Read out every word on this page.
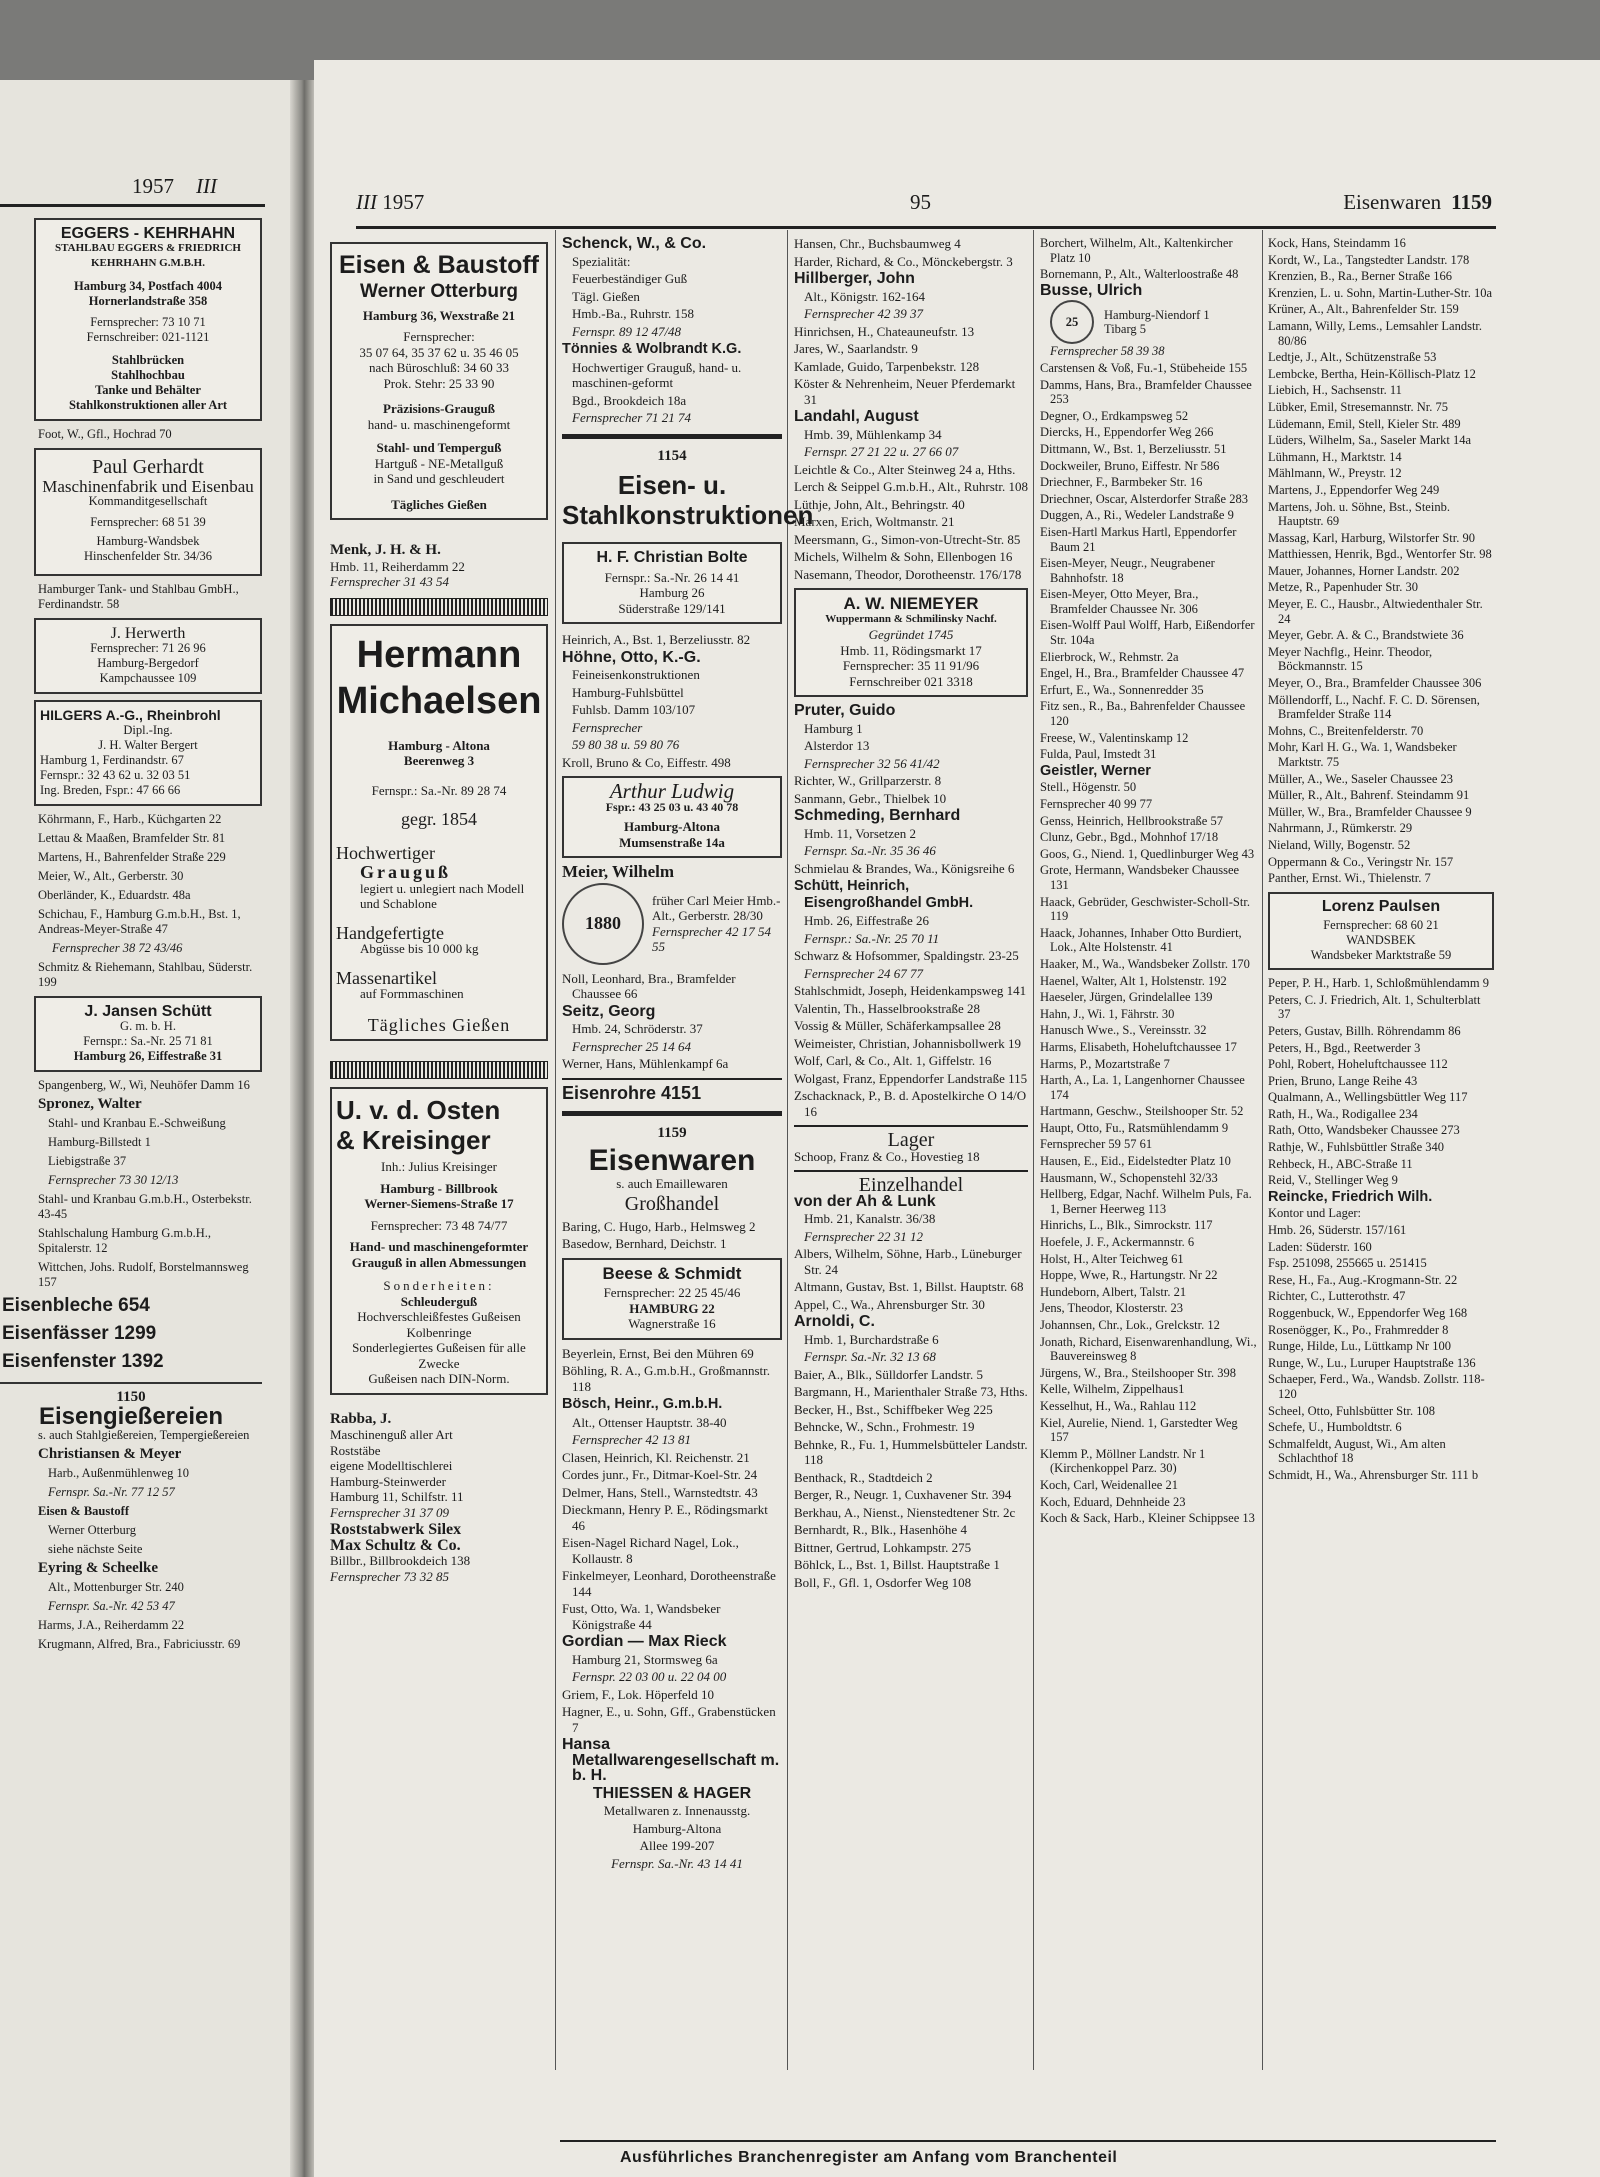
1957 III
EGGERS - KEHRHAHN
STAHLBAU EGGERS & FRIEDRICH KEHRHAHN G.M.B.H.
Hamburg 34, Postfach 4004
Hornerlandstraße 358
Fernsprecher: 73 10 71
Fernschreiber: 021-1121
Stahlbrücken
Stahlhochbau
Tanke und Behälter
Stahlkonstruktionen aller Art
Foot, W., Gfl., Hochrad 70
Paul Gerhardt
Maschinenfabrik und Eisenbau
Kommanditgesellschaft
Fernsprecher: 68 51 39
Hamburg-Wandsbek
Hinschenfelder Str. 34/36
Hamburger Tank- und Stahlbau GmbH., Ferdinandstr. 58
J. Herwerth
Fernsprecher: 71 26 96
Hamburg-Bergedorf
Kampchaussee 109
HILGERS A.-G., Rheinbrohl
Dipl.-Ing.
J. H. Walter Bergert
Hamburg 1, Ferdinandstr. 67
Fernspr.: 32 43 62 u. 32 03 51
Ing. Breden, Fspr.: 47 66 66
Köhrmann, F., Harb., Küchgarten 22
Lettau & Maaßen, Bramfelder Str. 81
Martens, H., Bahrenfelder Straße 229
Meier, W., Alt., Gerberstr. 30
Oberländer, K., Eduardstr. 48a
Schichau, F., Hamburg G.m.b.H., Bst. 1, Andreas-Meyer-Straße 47
Fernsprecher 38 72 43/46
Schmitz & Riehemann, Stahlbau, Süderstr. 199
J. Jansen Schütt
G. m. b. H.
Fernspr.: Sa.-Nr. 25 71 81
Hamburg 26, Eiffestraße 31
Spangenberg, W., Wi, Neuhöfer Damm 16
Spronez, Walter
Stahl- und Kranbau E.-Schweißung
Hamburg-Billstedt 1
Liebigstraße 37
Fernsprecher 73 30 12/13
Stahl- und Kranbau G.m.b.H., Osterbekstr. 43-45
Stahlschalung Hamburg G.m.b.H., Spitalerstr. 12
Wittchen, Johs. Rudolf, Borstelmannsweg 157
Eisenbleche 654
Eisenfässer 1299
Eisenfenster 1392
1150
Eisengießereien
s. auch Stahlgießereien, Tempergießereien
Christiansen & Meyer
Harb., Außenmühlenweg 10
Fernspr. Sa.-Nr. 77 12 57
Eisen & Baustoff
Werner Otterburg
siehe nächste Seite
Eyring & Scheelke
Alt., Mottenburger Str. 240
Fernspr. Sa.-Nr. 42 53 47
Harms, J.A., Reiherdamm 22
Krugmann, Alfred, Bra., Fabriciusstr. 69
III 1957	95	Eisenwaren 1159
Eisen & Baustoff
Werner Otterburg
Hamburg 36, Wexstraße 21
Fernsprecher:
35 07 64, 35 37 62 u. 35 46 05
nach Büroschluß: 34 60 33
Prok. Stehr: 25 33 90
Präzisions-Grauguß
hand- u. maschinengeformt
Stahl- und Temperguß
Hartguß - NE-Metallguß
in Sand und geschleudert
Tägliches Gießen
Menk, J. H. & H.
Hmb. 11, Reiherdamm 22
Fernsprecher 31 43 54
Hermann
Michaelsen
Hamburg - Altona
Beerenweg 3
Fernspr.: Sa.-Nr. 89 28 74
gegr. 1854
Hochwertiger
Grauguß
legiert u. unlegiert nach Modell und Schablone
Handgefertigte
Abgüsse bis 10 000 kg
Massenartikel
auf Formmaschinen
Tägliches Gießen
U. v. d. Osten
& Kreisinger
Inh.: Julius Kreisinger
Hamburg - Billbrook
Werner-Siemens-Straße 17
Fernsprecher: 73 48 74/77
Hand- und maschinengeformter Grauguß in allen Abmessungen
Sonderheiten:
Schleuderguß
Hochverschleißfestes Gußeisen
Kolbenringe
Sonderlegiertes Gußeisen für alle Zwecke
Gußeisen nach DIN-Norm.
Rabba, J.
Maschinenguß aller Art
Roststäbe
eigene Modelltischlerei
Hamburg-Steinwerder
Hamburg 11, Schilfstr. 11
Fernsprecher 31 37 09
Roststabwerk Silex
Max Schultz & Co.
Billbr., Billbrookdeich 138
Fernsprecher 73 32 85
Schenck, W., & Co.
Spezialität:
Feuerbeständiger Guß
Tägl. Gießen
Hmb.-Ba., Ruhrstr. 158
Fernspr. 89 12 47/48
Tönnies & Wolbrandt K.G.
Hochwertiger Grauguß, hand- u. maschinen-geformt
Bgd., Brookdeich 18a
Fernsprecher 71 21 74
1154
Eisen- u. Stahlkonstruktionen
H. F. Christian Bolte
Fernspr.: Sa.-Nr. 26 14 41
Hamburg 26
Süderstraße 129/141
Heinrich, A., Bst. 1, Berzeliusstr. 82
Höhne, Otto, K.-G.
Feineisenkonstruktionen
Hamburg-Fuhlsbüttel
Fuhlsb. Damm 103/107
Fernsprecher
59 80 38 u. 59 80 76
Kroll, Bruno & Co, Eiffestr. 498
Arthur Ludwig
Fspr.: 43 25 03 u. 43 40 78
Hamburg-Altona
Mumsenstraße 14a
Meier, Wilhelm
1880
früher Carl Meier Hmb.-Alt., Gerberstr. 28/30
Fernsprecher 42 17 54 55
Noll, Leonhard, Bra., Bramfelder Chaussee 66
Seitz, Georg
Hmb. 24, Schröderstr. 37
Fernsprecher 25 14 64
Werner, Hans, Mühlenkampf 6a
Eisenrohre 4151
1159
Eisenwaren
s. auch Emaillewaren
Großhandel
Baring, C. Hugo, Harb., Helmsweg 2
Basedow, Bernhard, Deichstr. 1
Beese & Schmidt
Fernsprecher: 22 25 45/46
HAMBURG 22
Wagnerstraße 16
Beyerlein, Ernst, Bei den Mühren 69
Böhling, R. A., G.m.b.H., Großmannstr. 118
Bösch, Heinr., G.m.b.H.
Alt., Ottenser Hauptstr. 38-40
Fernsprecher 42 13 81
Clasen, Heinrich, Kl. Reichenstr. 21
Cordes junr., Fr., Ditmar-Koel-Str. 24
Delmer, Hans, Stell., Warnstedtstr. 43
Dieckmann, Henry P. E., Rödingsmarkt 46
Eisen-Nagel Richard Nagel, Lok., Kollaustr. 8
Finkelmeyer, Leonhard, Dorotheenstraße 144
Fust, Otto, Wa. 1, Wandsbeker Königstraße 44
Gordian — Max Rieck
Hamburg 21, Stormsweg 6a
Fernspr. 22 03 00 u. 22 04 00
Griem, F., Lok. Höperfeld 10
Hagner, E., u. Sohn, Gff., Grabenstücken 7
Hansa Metallwarengesellschaft m. b. H.
THIESSEN & HAGER
Metallwaren z. Innenausstg.
Hamburg-Altona
Allee 199-207
Fernspr. Sa.-Nr. 43 14 41
Hansen, Chr., Buchsbaumweg 4
Harder, Richard, & Co., Mönckebergstr. 3
Hillberger, John
Alt., Königstr. 162-164
Fernsprecher 42 39 37
Hinrichsen, H., Chateauneufstr. 13
Jares, W., Saarlandstr. 9
Kamlade, Guido, Tarpenbekstr. 128
Köster & Nehrenheim, Neuer Pferdemarkt 31
Landahl, August
Hmb. 39, Mühlenkamp 34
Fernspr. 27 21 22 u. 27 66 07
Leichtle & Co., Alter Steinweg 24 a, Hths.
Lerch & Seippel G.m.b.H., Alt., Ruhrstr. 108
Lüthje, John, Alt., Behringstr. 40
Marxen, Erich, Woltmanstr. 21
Meersmann, G., Simon-von-Utrecht-Str. 85
Michels, Wilhelm & Sohn, Ellenbogen 16
Nasemann, Theodor, Dorotheenstr. 176/178
A. W. NIEMEYER
Wuppermann & Schmilinsky Nachf.
Gegründet 1745
Hmb. 11, Rödingsmarkt 17
Fernsprecher: 35 11 91/96
Fernschreiber 021 3318
Pruter, Guido
Hamburg 1
Alsterdor 13
Fernsprecher 32 56 41/42
Richter, W., Grillparzerstr. 8
Sanmann, Gebr., Thielbek 10
Schmeding, Bernhard
Hmb. 11, Vorsetzen 2
Fernspr. Sa.-Nr. 35 36 46
Schmielau & Brandes, Wa., Königsreihe 6
Schütt, Heinrich, Eisengroßhandel GmbH.
Hmb. 26, Eiffestraße 26
Fernspr.: Sa.-Nr. 25 70 11
Schwarz & Hofsommer, Spaldingstr. 23-25
Fernsprecher 24 67 77
Stahlschmidt, Joseph, Heidenkampsweg 141
Valentin, Th., Hasselbrookstraße 28
Vossig & Müller, Schäferkampsallee 28
Weimeister, Christian, Johannisbollwerk 19
Wolf, Carl, & Co., Alt. 1, Giffelstr. 16
Wolgast, Franz, Eppendorfer Landstraße 115
Zschacknack, P., B. d. Apostelkirche O 14/O 16
Lager
Schoop, Franz & Co., Hovestieg 18
Einzelhandel
von der Ah & Lunk
Hmb. 21, Kanalstr. 36/38
Fernsprecher 22 31 12
Albers, Wilhelm, Söhne, Harb., Lüneburger Str. 24
Altmann, Gustav, Bst. 1, Billst. Hauptstr. 68
Appel, C., Wa., Ahrensburger Str. 30
Arnoldi, C.
Hmb. 1, Burchardstraße 6
Fernspr. Sa.-Nr. 32 13 68
Baier, A., Blk., Sülldorfer Landstr. 5
Bargmann, H., Marienthaler Straße 73, Hths.
Becker, H., Bst., Schiffbeker Weg 225
Behncke, W., Schn., Frohmestr. 19
Behnke, R., Fu. 1, Hummelsbütteler Landstr. 118
Benthack, R., Stadtdeich 2
Berger, R., Neugr. 1, Cuxhavener Str. 394
Berkhau, A., Nienst., Nienstedtener Str. 2c
Bernhardt, R., Blk., Hasenhöhe 4
Bittner, Gertrud, Lohkampstr. 275
Böhlck, L., Bst. 1, Billst. Hauptstraße 1
Boll, F., Gfl. 1, Osdorfer Weg 108
Borchert, Wilhelm, Alt., Kaltenkircher Platz 10
Bornemann, P., Alt., Walterloostraße 48
Busse, Ulrich
25
Hamburg-Niendorf 1
Tibarg 5
Fernsprecher 58 39 38
Carstensen & Voß, Fu.-1, Stübeheide 155
Damms, Hans, Bra., Bramfelder Chaussee 253
Degner, O., Erdkampsweg 52
Diercks, H., Eppendorfer Weg 266
Dittmann, W., Bst. 1, Berzeliusstr. 51
Dockweiler, Bruno, Eiffestr. Nr 586
Driechner, F., Barmbeker Str. 16
Driechner, Oscar, Alsterdorfer Straße 283
Duggen, A., Ri., Wedeler Landstraße 9
Eisen-Hartl Markus Hartl, Eppendorfer Baum 21
Eisen-Meyer, Neugr., Neugrabener Bahnhofstr. 18
Eisen-Meyer, Otto Meyer, Bra., Bramfelder Chaussee Nr. 306
Eisen-Wolff Paul Wolff, Harb, Eißendorfer Str. 104a
Elierbrock, W., Rehmstr. 2a
Engel, H., Bra., Bramfelder Chaussee 47
Erfurt, E., Wa., Sonnenredder 35
Fitz sen., R., Ba., Bahrenfelder Chaussee 120
Freese, W., Valentinskamp 12
Fulda, Paul, Imstedt 31
Geistler, Werner
Stell., Högenstr. 50
Fernsprecher 40 99 77
Genss, Heinrich, Hellbrookstraße 57
Clunz, Gebr., Bgd., Mohnhof 17/18
Goos, G., Niend. 1, Quedlinburger Weg 43
Grote, Hermann, Wandsbeker Chaussee 131
Haack, Gebrüder, Geschwister-Scholl-Str. 119
Haack, Johannes, Inhaber Otto Burdiert, Lok., Alte Holstenstr. 41
Haaker, M., Wa., Wandsbeker Zollstr. 170
Haenel, Walter, Alt 1, Holstenstr. 192
Haeseler, Jürgen, Grindelallee 139
Hahn, J., Wi. 1, Fährstr. 30
Hanusch Wwe., S., Vereinsstr. 32
Harms, Elisabeth, Hoheluftchaussee 17
Harms, P., Mozartstraße 7
Harth, A., La. 1, Langenhorner Chaussee 174
Hartmann, Geschw., Steilshooper Str. 52
Haupt, Otto, Fu., Ratsmühlendamm 9
Fernsprecher 59 57 61
Hausen, E., Eid., Eidelstedter Platz 10
Hausmann, W., Schopenstehl 32/33
Hellberg, Edgar, Nachf. Wilhelm Puls, Fa. 1, Berner Heerweg 113
Hinrichs, L., Blk., Simrockstr. 117
Hoefele, J. F., Ackermannstr. 6
Holst, H., Alter Teichweg 61
Hoppe, Wwe, R., Hartungstr. Nr 22
Hundeborn, Albert, Talstr. 21
Jens, Theodor, Klosterstr. 23
Johannsen, Chr., Lok., Grelckstr. 12
Jonath, Richard, Eisenwarenhandlung, Wi., Bauvereinsweg 8
Jürgens, W., Bra., Steilshooper Str. 398
Kelle, Wilhelm, Zippelhaus1
Kesselhut, H., Wa., Rahlau 112
Kiel, Aurelie, Niend. 1, Garstedter Weg 157
Klemm P., Möllner Landstr. Nr 1 (Kirchenkoppel Parz. 30)
Koch, Carl, Weidenallee 21
Koch, Eduard, Dehnheide 23
Koch & Sack, Harb., Kleiner Schippsee 13
Kock, Hans, Steindamm 16
Kordt, W., La., Tangstedter Landstr. 178
Krenzien, B., Ra., Berner Straße 166
Krenzien, L. u. Sohn, Martin-Luther-Str. 10a
Krüner, A., Alt., Bahrenfelder Str. 159
Lamann, Willy, Lems., Lemsahler Landstr. 80/86
Ledtje, J., Alt., Schützenstraße 53
Lembcke, Bertha, Hein-Köllisch-Platz 12
Liebich, H., Sachsenstr. 11
Lübker, Emil, Stresemannstr. Nr. 75
Lüdemann, Emil, Stell, Kieler Str. 489
Lüders, Wilhelm, Sa., Saseler Markt 14a
Lühmann, H., Marktstr. 14
Mählmann, W., Preystr. 12
Martens, J., Eppendorfer Weg 249
Martens, Joh. u. Söhne, Bst., Steinb. Hauptstr. 69
Massag, Karl, Harburg, Wilstorfer Str. 90
Matthiessen, Henrik, Bgd., Wentorfer Str. 98
Mauer, Johannes, Horner Landstr. 202
Metze, R., Papenhuder Str. 30
Meyer, E. C., Hausbr., Altwiedenthaler Str. 24
Meyer, Gebr. A. & C., Brandstwiete 36
Meyer Nachflg., Heinr. Theodor, Böckmannstr. 15
Meyer, O., Bra., Bramfelder Chaussee 306
Möllendorff, L., Nachf. F. C. D. Sörensen, Bramfelder Straße 114
Mohns, C., Breitenfelderstr. 70
Mohr, Karl H. G., Wa. 1, Wandsbeker Marktstr. 75
Müller, A., We., Saseler Chaussee 23
Müller, R., Alt., Bahrenf. Steindamm 91
Müller, W., Bra., Bramfelder Chaussee 9
Nahrmann, J., Rümkerstr. 29
Nieland, Willy, Bogenstr. 52
Oppermann & Co., Veringstr Nr. 157
Panther, Ernst. Wi., Thielenstr. 7
Lorenz Paulsen
Fernsprecher: 68 60 21
WANDSBEK
Wandsbeker Marktstraße 59
Peper, P. H., Harb. 1, Schloßmühlendamm 9
Peters, C. J. Friedrich, Alt. 1, Schulterblatt 37
Peters, Gustav, Billh. Röhrendamm 86
Peters, H., Bgd., Reetwerder 3
Pohl, Robert, Hoheluftchaussee 112
Prien, Bruno, Lange Reihe 43
Qualmann, A., Wellingsbüttler Weg 117
Rath, H., Wa., Rodigallee 234
Rath, Otto, Wandsbeker Chaussee 273
Rathje, W., Fuhlsbüttler Straße 340
Rehbeck, H., ABC-Straße 11
Reid, V., Stellinger Weg 9
Reincke, Friedrich Wilh.
Kontor und Lager:
Hmb. 26, Süderstr. 157/161
Laden: Süderstr. 160
Fsp. 251098, 255665 u. 251415
Rese, H., Fa., Aug.-Krogmann-Str. 22
Richter, C., Lutterothstr. 47
Roggenbuck, W., Eppendorfer Weg 168
Rosenögger, K., Po., Frahmredder 8
Runge, Hilde, Lu., Lüttkamp Nr 100
Runge, W., Lu., Luruper Hauptstraße 136
Schaeper, Ferd., Wa., Wandsb. Zollstr. 118-120
Scheel, Otto, Fuhlsbütter Str. 108
Schefe, U., Humboldtstr. 6
Schmalfeldt, August, Wi., Am alten Schlachthof 18
Schmidt, H., Wa., Ahrensburger Str. 111 b
Ausführliches Branchenregister am Anfang vom Branchenteil
